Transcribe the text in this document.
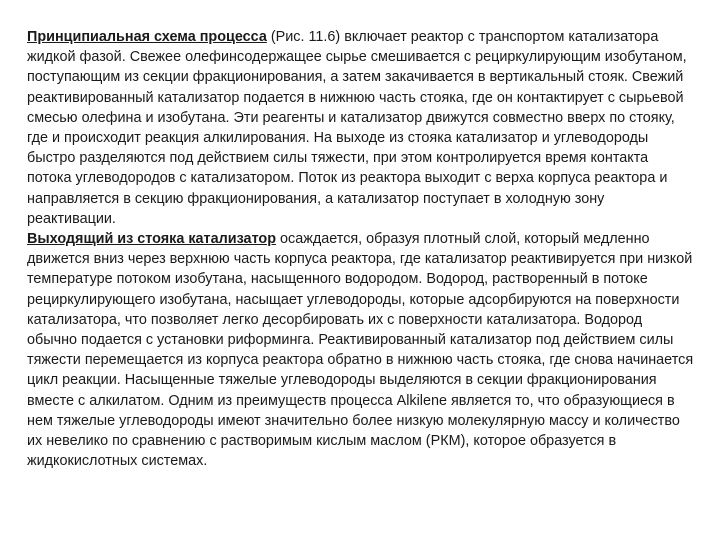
Принципиальная схема процесса (Рис. 11.6) включает реактор с транспортом катализатора жидкой фазой. Свежее олефинсодержащее сырье смешивается с рециркулирующим изобутаном, поступающим из секции фракционирования, а затем закачивается в вертикальный стояк. Свежий реактивированный катализатор подается в нижнюю часть стояка, где он контактирует с сырьевой смесью олефина и изобутана. Эти реагенты и катализатор движутся совместно вверх по стояку, где и происходит реакция алкилирования. На выходе из стояка катализатор и углеводороды быстро разделяются под действием силы тяжести, при этом контролируется время контакта потока углеводородов с катализатором. Поток из реактора выходит с верха корпуса реактора и направляется в секцию фракционирования, а катализатор поступает в холодную зону реактивации.

Выходящий из стояка катализатор осаждается, образуя плотный слой, который медленно движется вниз через верхнюю часть корпуса реактора, где катализатор реактивируется при низкой температуре потоком изобутана, насыщенного водородом. Водород, растворенный в потоке рециркулирующего изобутана, насыщает углеводороды, которые адсорбируются на поверхности катализатора, что позволяет легко десорбировать их с поверхности катализатора. Водород обычно подается с установки риформинга. Реактивированный катализатор под действием силы тяжести перемещается из корпуса реактора обратно в нижнюю часть стояка, где снова начинается цикл реакции. Насыщенные тяжелые углеводороды выделяются в секции фракционирования вместе с алкилатом. Одним из преимуществ процесса Alkilene является то, что образующиеся в нем тяжелые углеводороды имеют значительно более низкую молекулярную массу и количество их невелико по сравнению с растворимым кислым маслом (РКМ), которое образуется в жидкокислотных системах.
